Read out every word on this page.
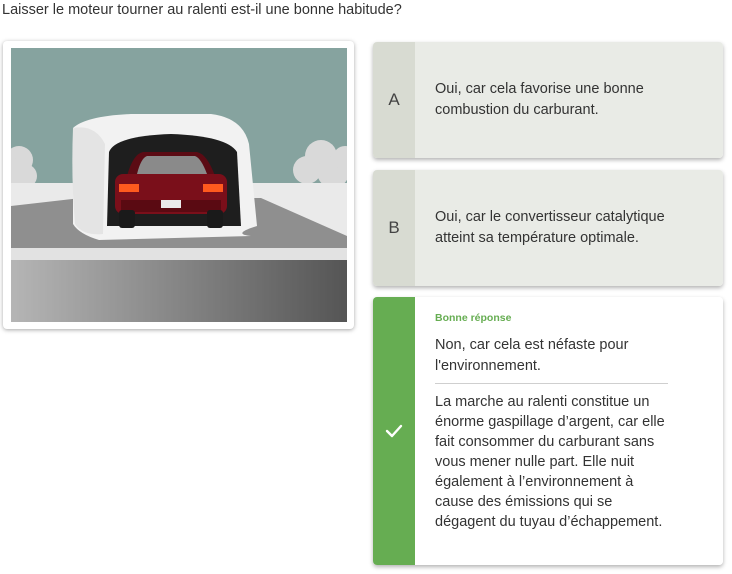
Laisser le moteur tourner au ralenti est-il une bonne habitude?
A
Oui, car cela favorise une bonne combustion du carburant.
B
Oui, car le convertisseur catalytique atteint sa température optimale.
Bonne réponse
Non, car cela est néfaste pour l'environnement.
La marche au ralenti constitue un énorme gaspillage d’argent, car elle fait consommer du carburant sans vous mener nulle part. Elle nuit également à l’environnement à cause des émissions qui se dégagent du tuyau d’échappement.
